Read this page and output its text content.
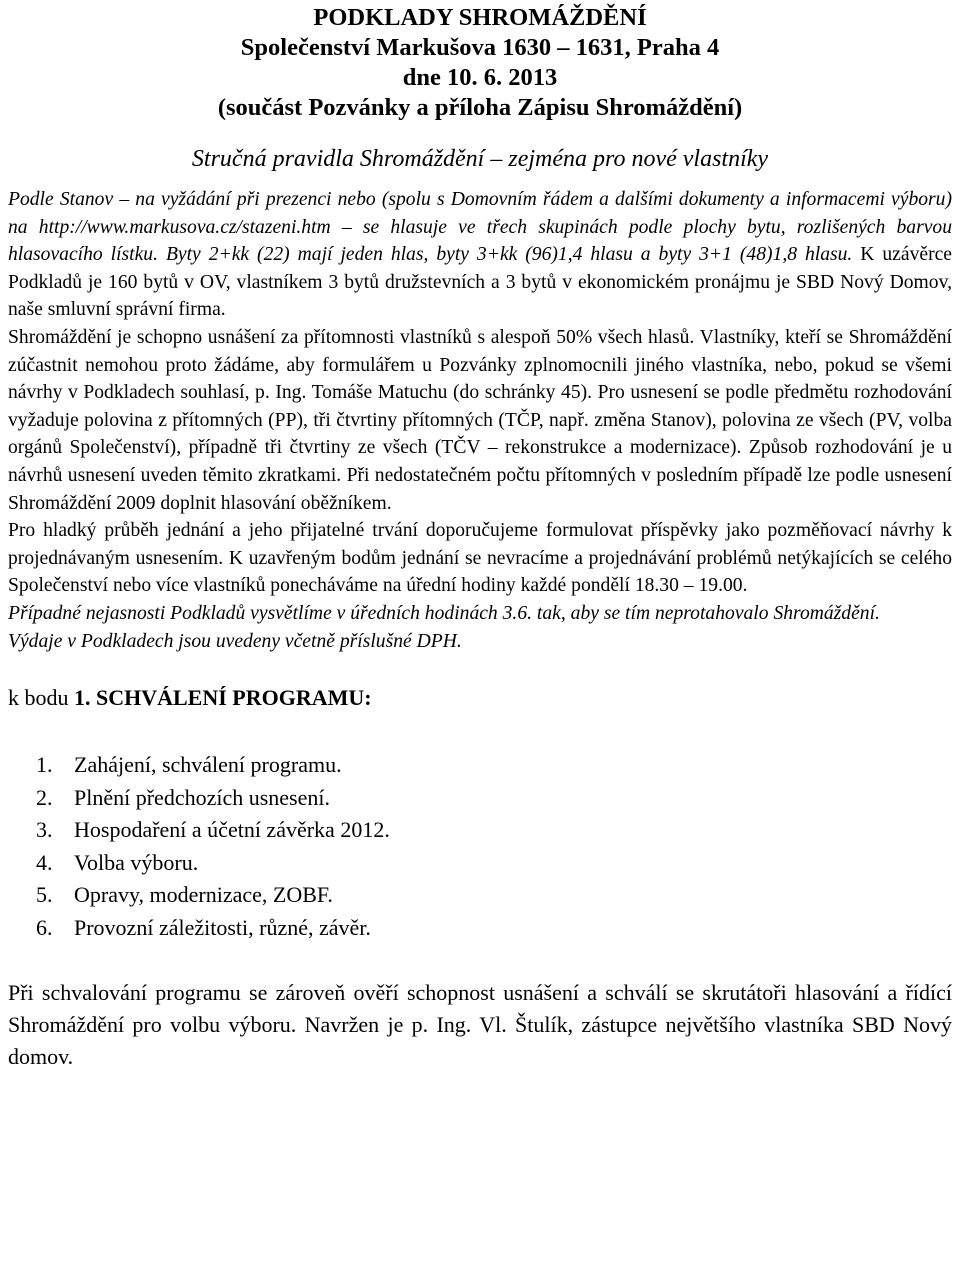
PODKLADY SHROMÁŽDĚNÍ
Společenství Markušova 1630 – 1631, Praha 4
dne 10. 6. 2013
(součást Pozvánky a příloha Zápisu Shromáždění)
Stručná pravidla Shromáždění – zejména pro nové vlastníky

Podle Stanov – na vyžádání při prezenci nebo (spolu s Domovním řádem a dalšími dokumenty a informacemi výboru) na http://www.markusova.cz/stazeni.htm – se hlasuje ve třech skupinách podle plochy bytu, rozlišených barvou hlasovacího lístku. Byty 2+kk (22) mají jeden hlas, byty 3+kk (96)1,4 hlasu a byty 3+1 (48)1,8 hlasu. K uzávěrce Podkladů je 160 bytů v OV, vlastníkem 3 bytů družstevních a 3 bytů v ekonomickém pronájmu je SBD Nový Domov, naše smluvní správní firma.

Shromáždění je schopno usnášení za přítomnosti vlastníků s alespoň 50% všech hlasů. Vlastníky, kteří se Shromáždění zúčastnit nemohou proto žádáme, aby formulářem u Pozvánky zplnomocnili jiného vlastníka, nebo, pokud se všemi návrhy v Podkladech souhlasí, p. Ing. Tomáše Matuchu (do schránky 45). Pro usnesení se podle předmětu rozhodování vyžaduje polovina z přítomných (PP), tři čtvrtiny přítomných (TČP, např. změna Stanov), polovina ze všech (PV, volba orgánů Společenství), případně tři čtvrtiny ze všech (TČV – rekonstrukce a modernizace). Způsob rozhodování je u návrhů usnesení uveden těmito zkratkami. Při nedostatečném počtu přítomných v posledním případě lze podle usnesení Shromáždění 2009 doplnit hlasování oběžníkem.

Pro hladký průběh jednání a jeho přijatelné trvání doporučujeme formulovat příspěvky jako pozměňovací návrhy k projednávaným usnesením. K uzavřeným bodům jednání se nevracíme a projednávání problémů netýkajících se celého Společenství nebo více vlastníků ponecháváme na úřední hodiny každé pondělí 18.30 – 19.00.

Případné nejasnosti Podkladů vysvětlíme v úředních hodinách 3.6. tak, aby se tím neprotahovalo Shromáždění.

Výdaje v Podkladech jsou uvedeny včetně příslušné DPH.

k bodu 1. SCHVÁLENÍ PROGRAMU:
1. Zahájení, schválení programu.
2. Plnění předchozích usnesení.
3. Hospodaření a účetní závěrka 2012.
4. Volba výboru.
5. Opravy, modernizace, ZOBF.
6. Provozní záležitosti, různé, závěr.
Při schvalování programu se zároveň ověří schopnost usnášení a schválí se skrutátoři hlasování a řídící Shromáždění pro volbu výboru. Navržen je p. Ing. Vl. Štulík, zástupce největšího vlastníka SBD Nový domov.
